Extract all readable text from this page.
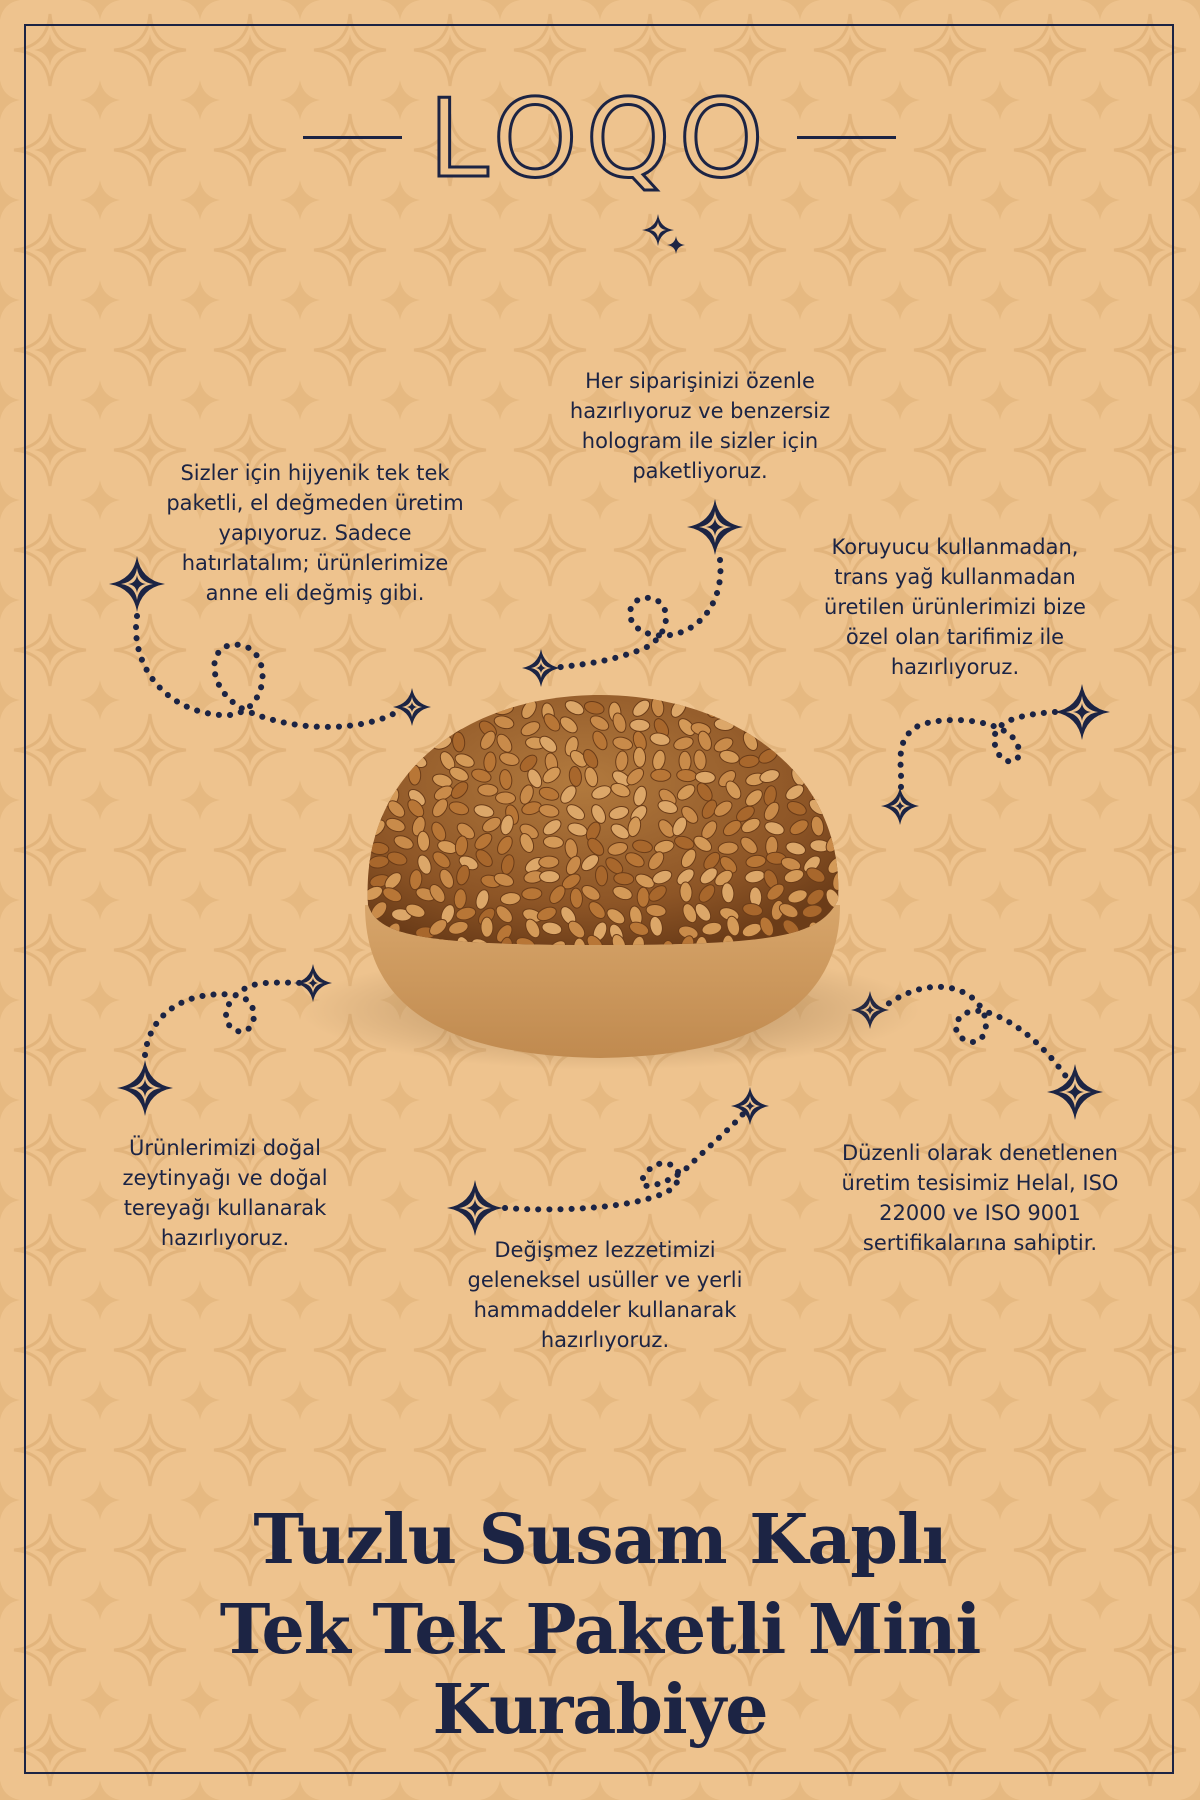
LOQO
Sizler için hijyenik tek tek paketli, el değmeden üretim yapıyoruz. Sadece hatırlatalım; ürünlerimize anne eli değmiş gibi.
Her siparişinizi özenle hazırlıyoruz ve benzersiz hologram ile sizler için paketliyoruz.
Koruyucu kullanmadan, trans yağ kullanmadan üretilen ürünlerimizi bize özel olan tarifimiz ile hazırlıyoruz.
Ürünlerimizi doğal zeytinyağı ve doğal tereyağı kullanarak hazırlıyoruz.	Değişmez lezzetimizi geleneksel usüller ve yerli hammaddeler kullanarak hazırlıyoruz.
Düzenli olarak denetlenen üretim tesisimiz Helal, ISO 22000 ve ISO 9001 sertifikalarına sahiptir.
Tuzlu Susam Kaplı
Tek Tek Paketli Mini Kurabiye
